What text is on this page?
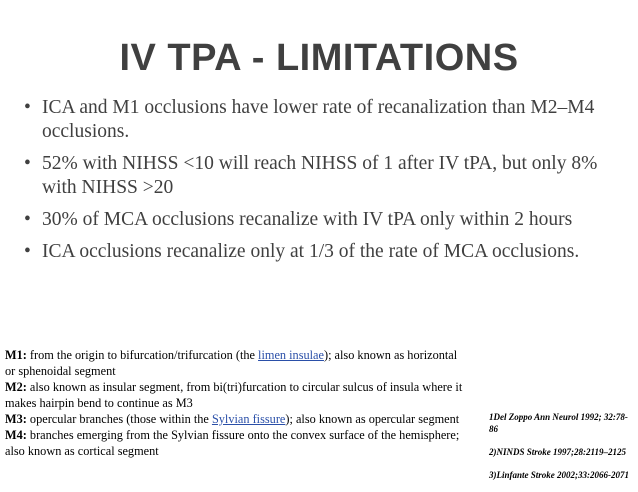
IV TPA - LIMITATIONS
• ICA and M1 occlusions have lower rate of recanalization than M2–M4 occlusions.
• 52% with NIHSS <10 will reach NIHSS of 1 after IV tPA, but only 8% with NIHSS >20
• 30% of MCA occlusions recanalize with IV tPA only within 2 hours
• ICA occlusions recanalize only at 1/3 of the rate of MCA occlusions.

M1: from the origin to bifurcation/trifurcation (the limen insulae); also known as horizontal or sphenoidal segment

M2: also known as insular segment, from bi(tri)furcation to circular sulcus of insula where it makes hairpin bend to continue as M3

M3: opercular branches (those within the Sylvian fissure); also known as opercular segment

M4: branches emerging from the Sylvian fissure onto the convex surface of the hemisphere; also known as cortical segment

1Del Zoppo Ann Neurol 1992; 32:78-86

2)NINDS Stroke 1997;28:2119–2125

3)Linfante Stroke 2002;33:2066-2071
